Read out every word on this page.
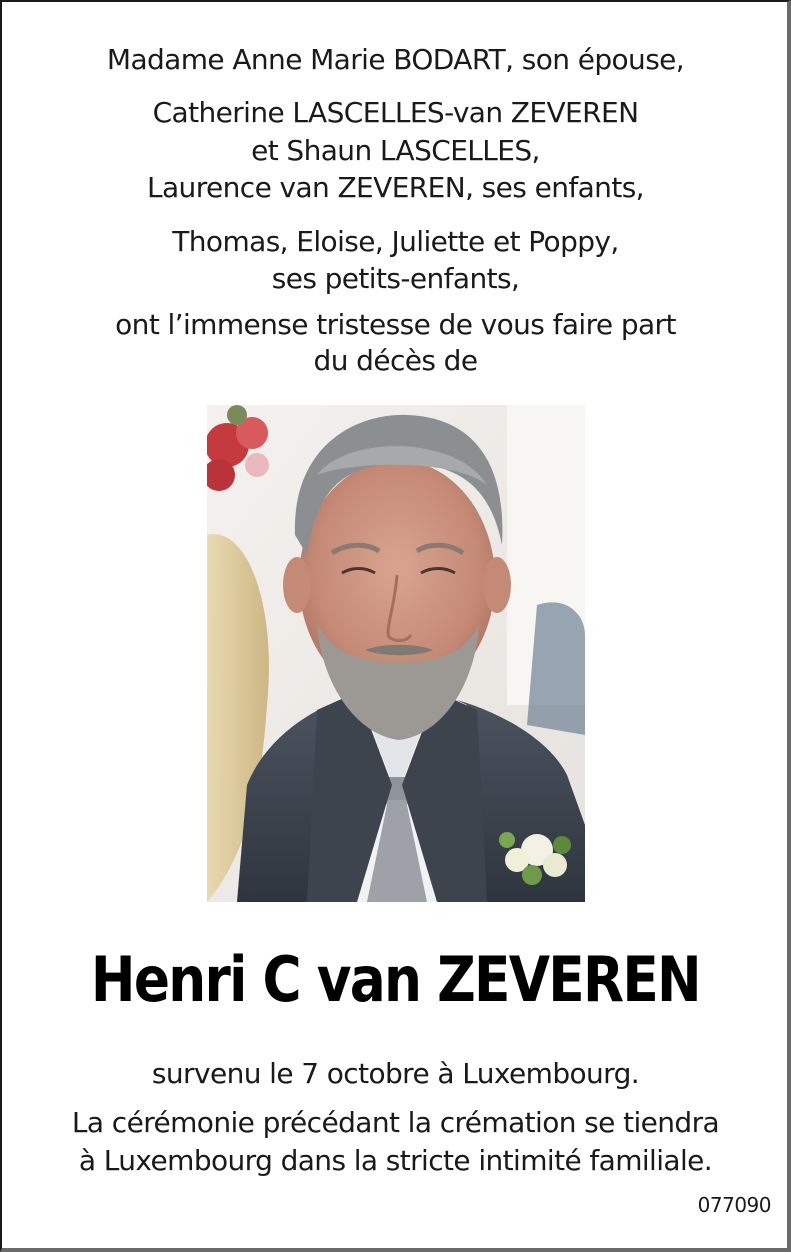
Madame Anne Marie BODART, son épouse,
Catherine LASCELLES-van ZEVEREN
et Shaun LASCELLES,
Laurence van ZEVEREN, ses enfants,
Thomas, Eloise, Juliette et Poppy,
ses petits-enfants,
ont l’immense tristesse de vous faire part
du décès de
Henri C van ZEVEREN
survenu le 7 octobre à Luxembourg.
La cérémonie précédant la crémation se tiendra
à Luxembourg dans la stricte intimité familiale.
077090
